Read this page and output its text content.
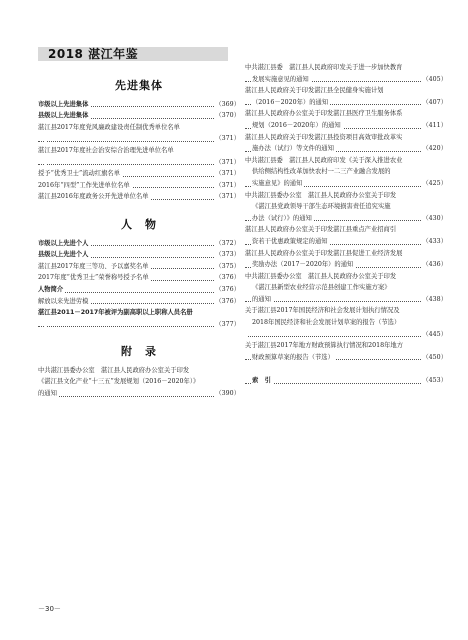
2018 湛江年鉴
先进集体
市级以上先进集体	（369）
县级以上先进集体	（370）
湛江县2017年度党风廉政建设责任制优秀单位名单
（371）
湛江县2017年度社会治安综合治理先进单位名单
（371）
授予“优秀卫士”流动红旗名单	（371）
2016年“四型”工作先进单位名单	（371）
湛江县2016年度政务公开先进单位名单	（371）
人　物
市级以上先进个人	（372）
县级以上先进个人	（373）
湛江县2017年度三等功、予以嘉奖名单	（375）
2017年度“优秀卫士”荣誉称号授予名单	（376）
人物简介	（376）
解放以来先进劳模	（376）
湛江县2011－2017年被评为副高职以上职称人员名册
（377）
附　录
中共湛江县委办公室　湛江县人民政府办公室关于印发
《湛江县文化产业“十三五”发展规划（2016－2020年）》
的通知	（390）
中共湛江县委　湛江县人民政府印发关于进一步加快教育
发展实施意见的通知	（405）
湛江县人民政府关于印发湛江县全民健身实施计划
（2016－2020年）的通知	（407）
湛江县人民政府办公室关于印发湛江县医疗卫生服务体系
规划（2016－2020年）的通知	（411）
湛江县人民政府关于印发湛江县投资项目高效审批改革实
施办法（试行）等文件的通知	（420）
中共湛江县委　湛江县人民政府印发《关于深入推进农业
供给侧结构性改革加快农村一二三产业融合发展的
实施意见》的通知	（425）
中共湛江县委办公室　湛江县人民政府办公室关于印发
《湛江县党政领导干部生态环境损害责任追究实施
办法（试行）》的通知	（430）
湛江县人民政府办公室关于印发湛江县重点产业招商引
资若干优惠政策规定的通知	（433）
湛江县人民政府办公室关于印发湛江县促进工业经济发展
奖励办法（2017－2020年）的通知	（436）
中共湛江县委办公室　湛江县人民政府办公室关于印发
《湛江县新型农业经营示范县创建工作实施方案》
的通知	（438）
关于湛江县2017年国民经济和社会发展计划执行情况及
2018年国民经济和社会发展计划草案的报告（节选）
（445）
关于湛江县2017年地方财政预算执行情况和2018年地方
财政预算草案的报告（节选）	（450）

索　引	（453）
－30－
